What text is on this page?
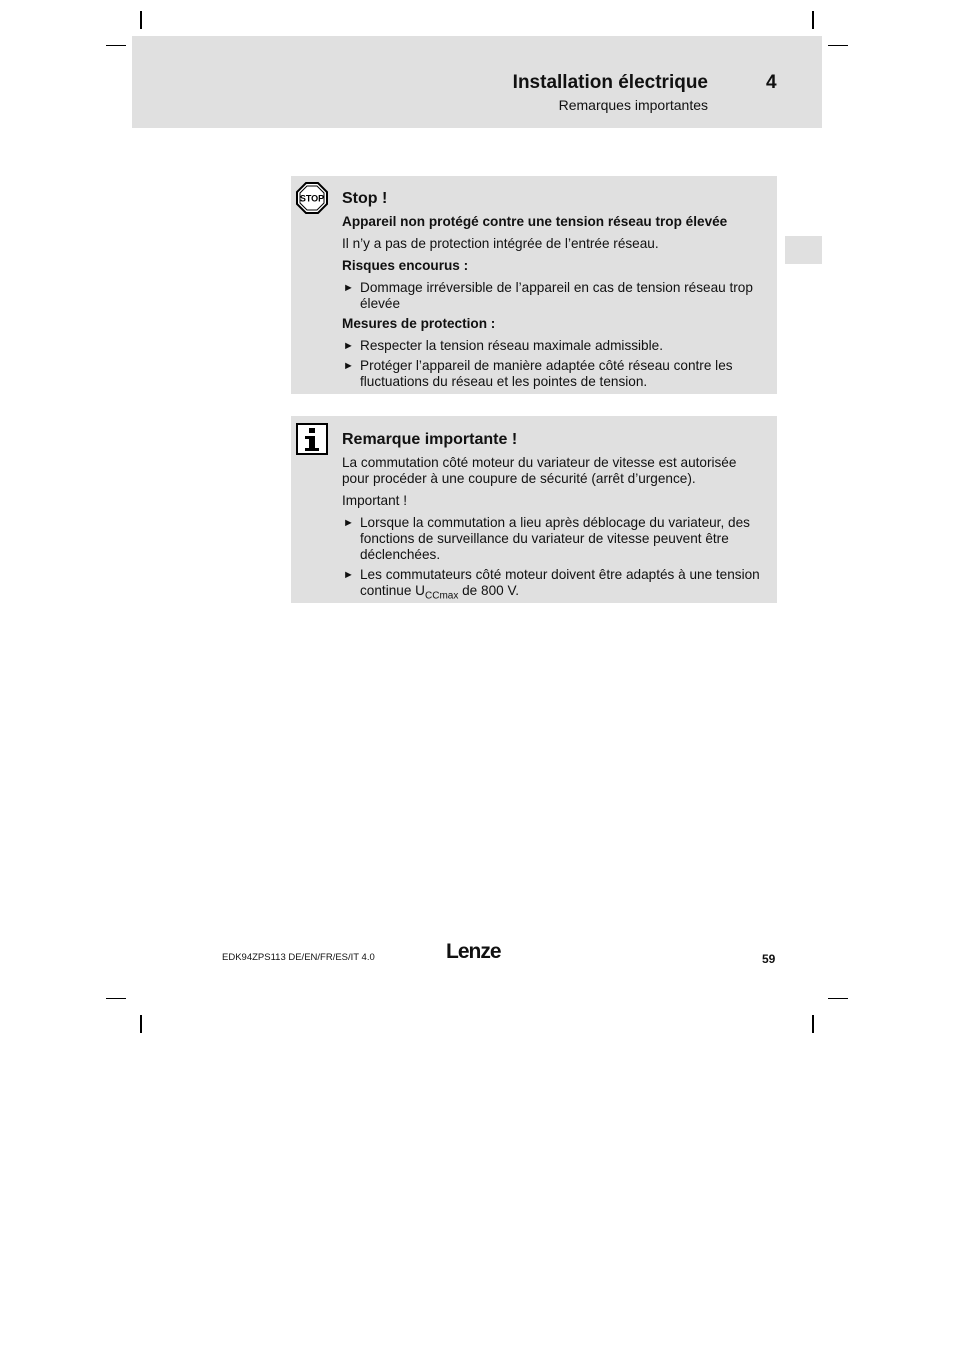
Installation électrique	4
Remarques importantes
STOP Stop !
Appareil non protégé contre une tension réseau trop élevée
Il n’y a pas de protection intégrée de l’entrée réseau.
Risques encourus :
► Dommage irréversible de l’appareil en cas de tension réseau trop élevée
Mesures de protection :
► Respecter la tension réseau maximale admissible.
► Protéger l’appareil de manière adaptée côté réseau contre les fluctuations du réseau et les pointes de tension.
Remarque importante !
La commutation côté moteur du variateur de vitesse est autorisée pour procéder à une coupure de sécurité (arrêt d’urgence).
Important !
► Lorsque la commutation a lieu après déblocage du variateur, des fonctions de surveillance du variateur de vitesse peuvent être déclenchées.
► Les commutateurs côté moteur doivent être adaptés à une tension continue $U_{CCmax}$ de 800 V.
EDK94ZPS113 DE/EN/FR/ES/IT 4.0	Lenze	59
